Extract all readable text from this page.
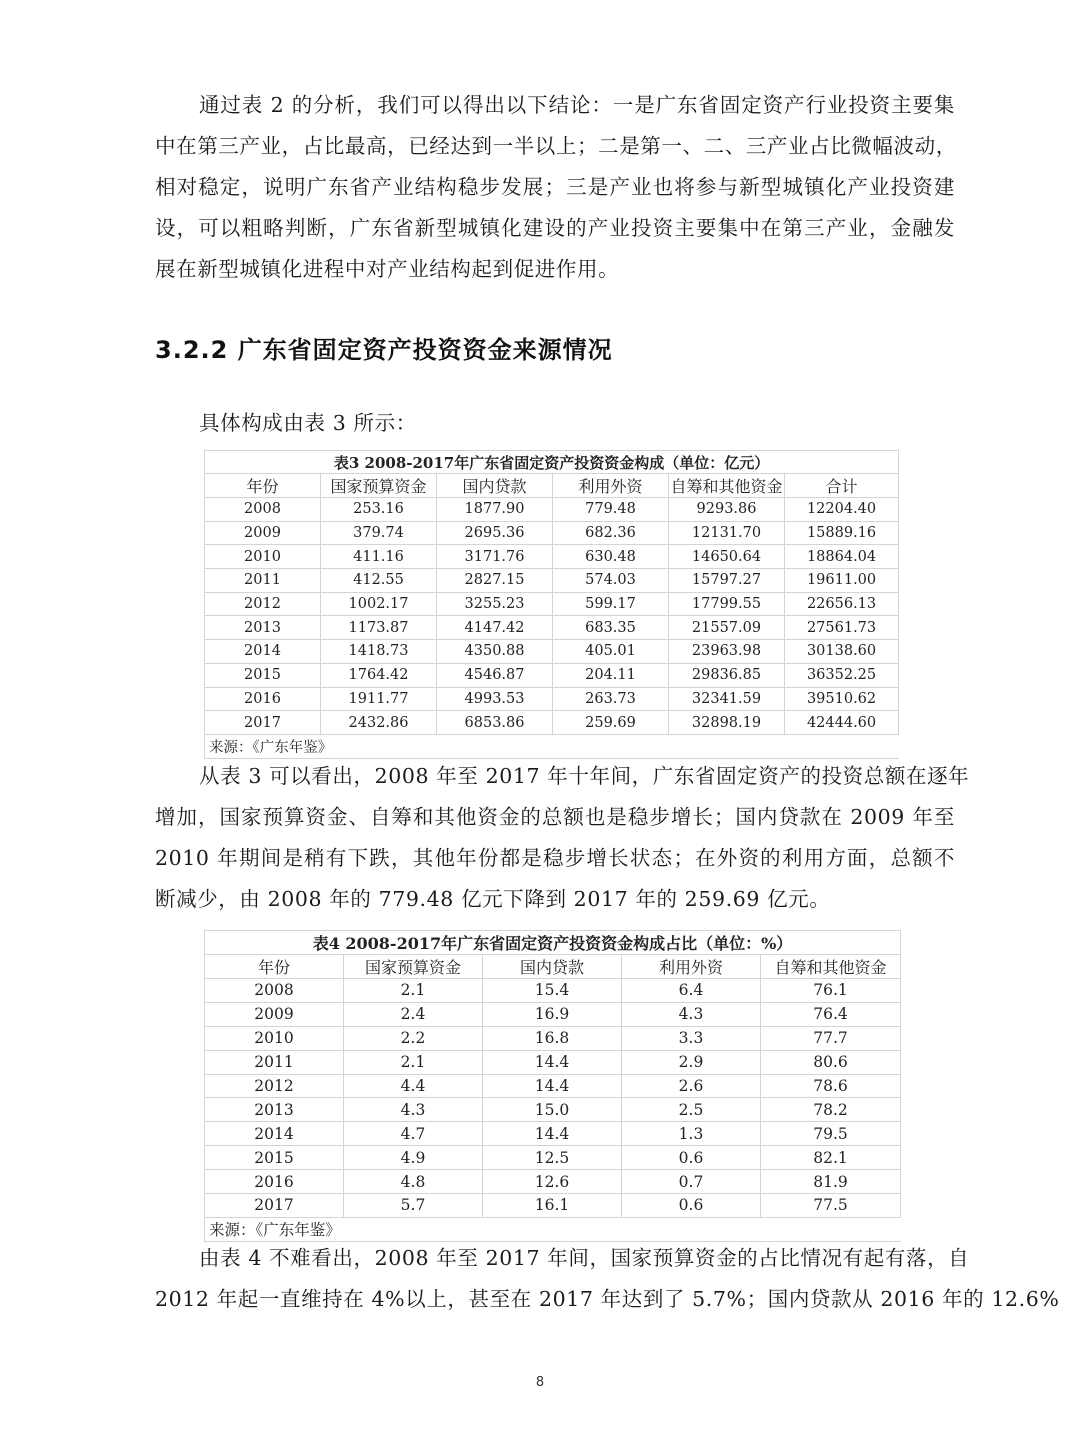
通过表 2 的分析，我们可以得出以下结论：一是广东省固定资产行业投资主要集
中在第三产业，占比最高，已经达到一半以上；二是第一、二、三产业占比微幅波动，
相对稳定，说明广东省产业结构稳步发展；三是产业也将参与新型城镇化产业投资建
设，可以粗略判断，广东省新型城镇化建设的产业投资主要集中在第三产业，金融发
展在新型城镇化进程中对产业结构起到促进作用。
3.2.2 广东省固定资产投资资金来源情况
具体构成由表 3 所示：
表3 2008-2017年广东省固定资产投资资金构成（单位：亿元）					
年份	国家预算资金	国内贷款	利用外资	自筹和其他资金	合计
2008	253.16	1877.90	779.48	9293.86	12204.40
2009	379.74	2695.36	682.36	12131.70	15889.16
2010	411.16	3171.76	630.48	14650.64	18864.04
2011	412.55	2827.15	574.03	15797.27	19611.00
2012	1002.17	3255.23	599.17	17799.55	22656.13
2013	1173.87	4147.42	683.35	21557.09	27561.73
2014	1418.73	4350.88	405.01	23963.98	30138.60
2015	1764.42	4546.87	204.11	29836.85	36352.25
2016	1911.77	4993.53	263.73	32341.59	39510.62
2017	2432.86	6853.86	259.69	32898.19	42444.60
来源：《广东年鉴》					
从表 3 可以看出，2008 年至 2017 年十年间，广东省固定资产的投资总额在逐年
增加，国家预算资金、自筹和其他资金的总额也是稳步增长；国内贷款在 2009 年至
2010 年期间是稍有下跌，其他年份都是稳步增长状态；在外资的利用方面，总额不
断减少，由 2008 年的 779.48 亿元下降到 2017 年的 259.69 亿元。
表4 2008-2017年广东省固定资产投资资金构成占比（单位：%）				
年份	国家预算资金	国内贷款	利用外资	自筹和其他资金
2008	2.1	15.4	6.4	76.1
2009	2.4	16.9	4.3	76.4
2010	2.2	16.8	3.3	77.7
2011	2.1	14.4	2.9	80.6
2012	4.4	14.4	2.6	78.6
2013	4.3	15.0	2.5	78.2
2014	4.7	14.4	1.3	79.5
2015	4.9	12.5	0.6	82.1
2016	4.8	12.6	0.7	81.9
2017	5.7	16.1	0.6	77.5
来源：《广东年鉴》				
由表 4 不难看出，2008 年至 2017 年间，国家预算资金的占比情况有起有落，自
2012 年起一直维持在 4%以上，甚至在 2017 年达到了 5.7%；国内贷款从 2016 年的 12.6%
8
